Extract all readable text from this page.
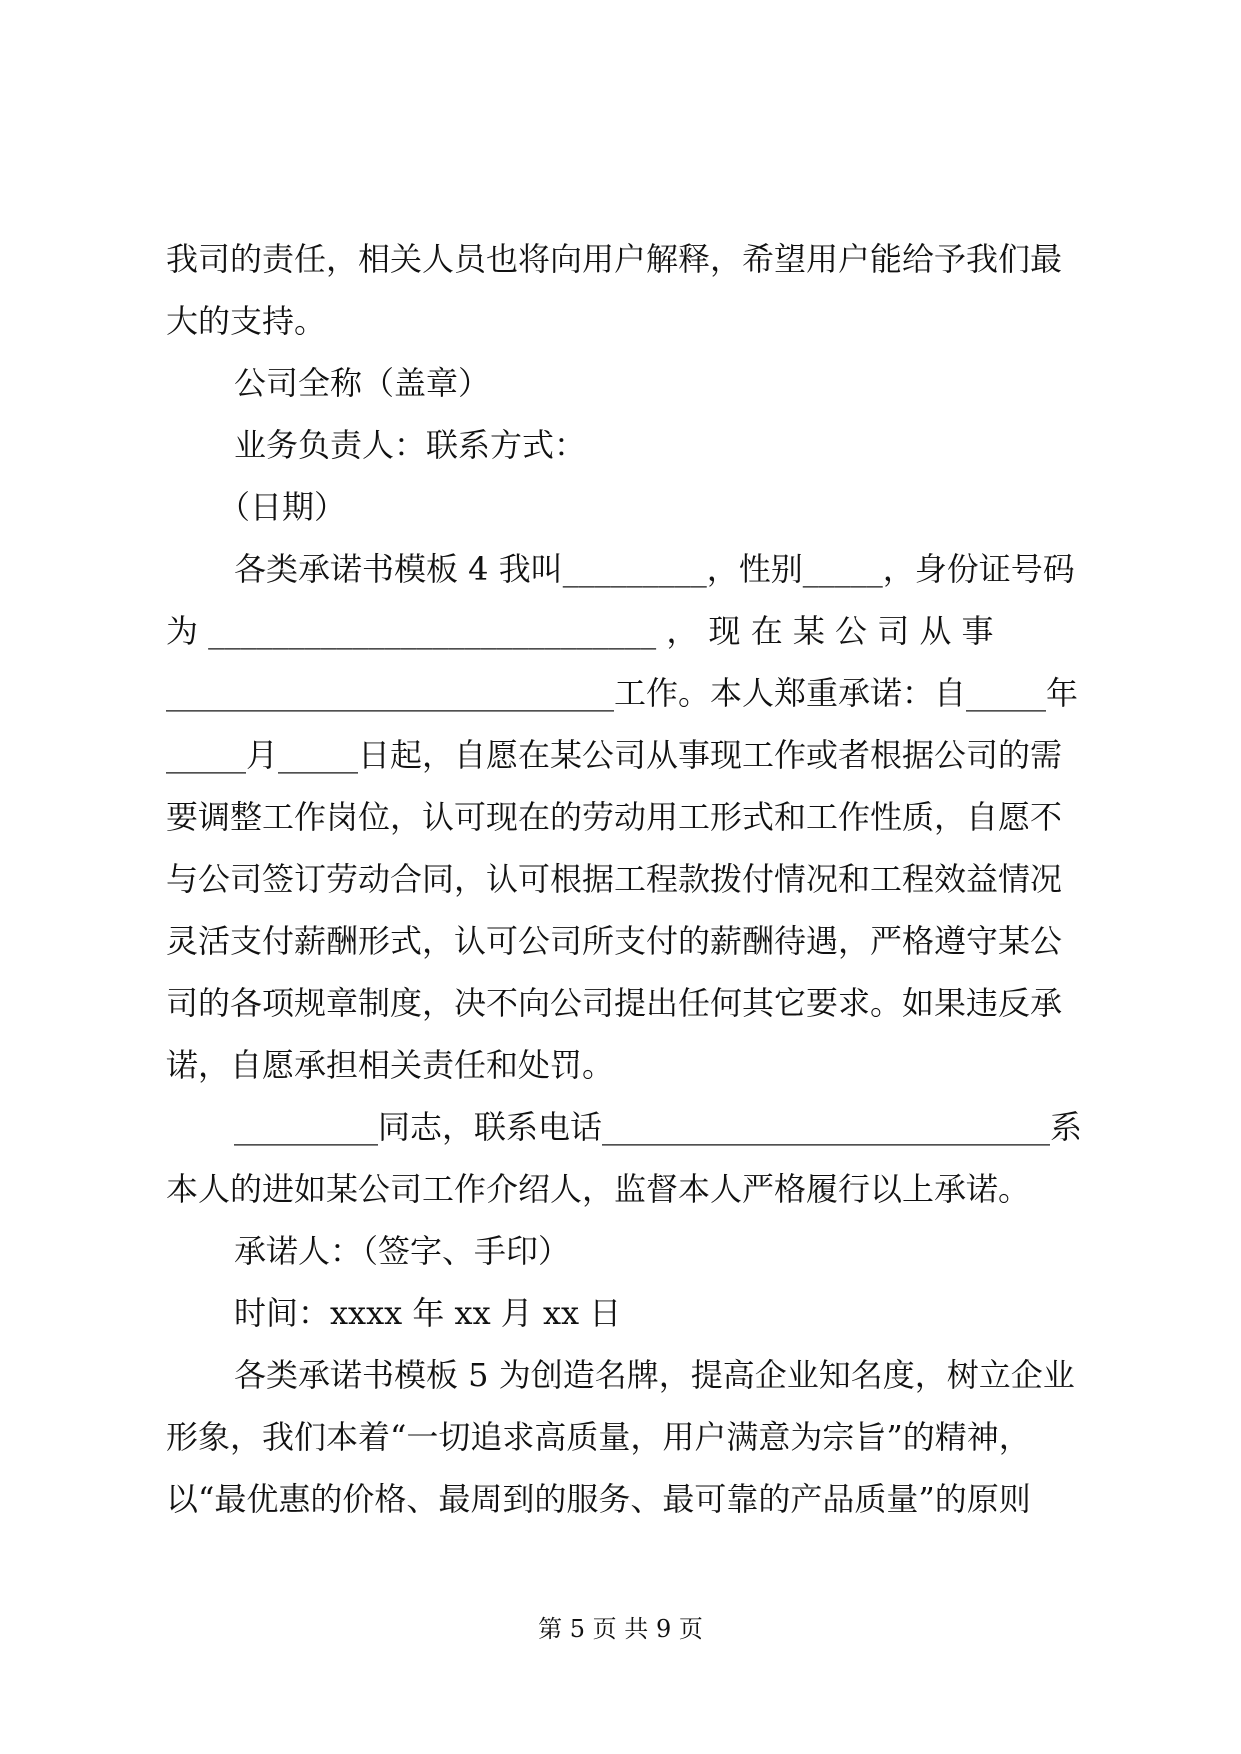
我司的责任，相关人员也将向用户解释，希望用户能给予我们最
大的支持。
公司全称（盖章）
业务负责人：联系方式：
（日期）
各类承诺书模板 4 我叫_________，性别_____，身份证号码
为 ____________________________ ， 现 在 某 公 司 从 事
____________________________工作。本人郑重承诺：自_____年
_____月_____日起，自愿在某公司从事现工作或者根据公司的需
要调整工作岗位，认可现在的劳动用工形式和工作性质，自愿不
与公司签订劳动合同，认可根据工程款拨付情况和工程效益情况
灵活支付薪酬形式，认可公司所支付的薪酬待遇，严格遵守某公
司的各项规章制度，决不向公司提出任何其它要求。如果违反承
诺，自愿承担相关责任和处罚。
_________同志，联系电话____________________________系
本人的进如某公司工作介绍人，监督本人严格履行以上承诺。
承诺人：（签字、手印）
时间：xxxx 年 xx 月 xx 日
各类承诺书模板 5 为创造名牌，提高企业知名度，树立企业
形象，我们本着“一切追求高质量，用户满意为宗旨”的精神，
以“最优惠的价格、最周到的服务、最可靠的产品质量”的原则
第 5 页 共 9 页
